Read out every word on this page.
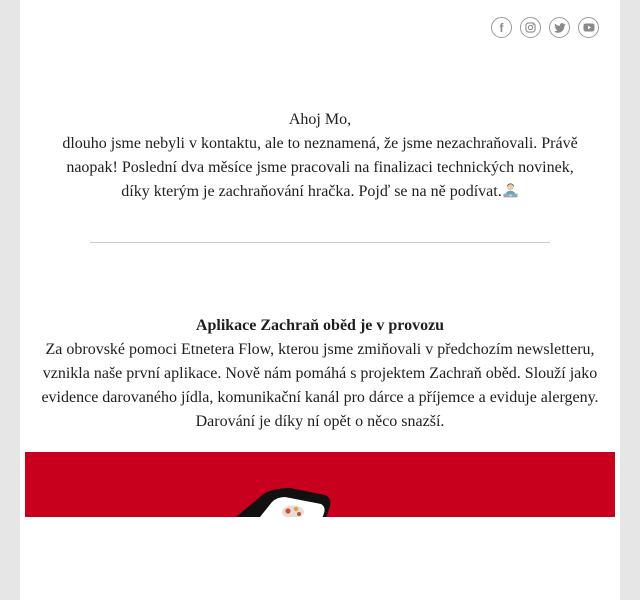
f
Ahoj Mo,
dlouho jsme nebyli v kontaktu, ale to neznamená, že jsme nezachraňovali. Právě
naopak! Poslední dva měsíce jsme pracovali na finalizaci technických novinek,
díky kterým je zachraňování hračka. Pojď se na ně podívat.
Aplikace Zachraň oběd je v provozu

Za obrovské pomoci Etnetera Flow, kterou jsme zmiňovali v předchozím newsletteru,

vznikla naše první aplikace. Nově nám pomáhá s projektem Zachraň oběd. Slouží jako

evidence darovaného jídla, komunikační kanál pro dárce a příjemce a eviduje alergeny.

Darování je díky ní opět o něco snazší.
